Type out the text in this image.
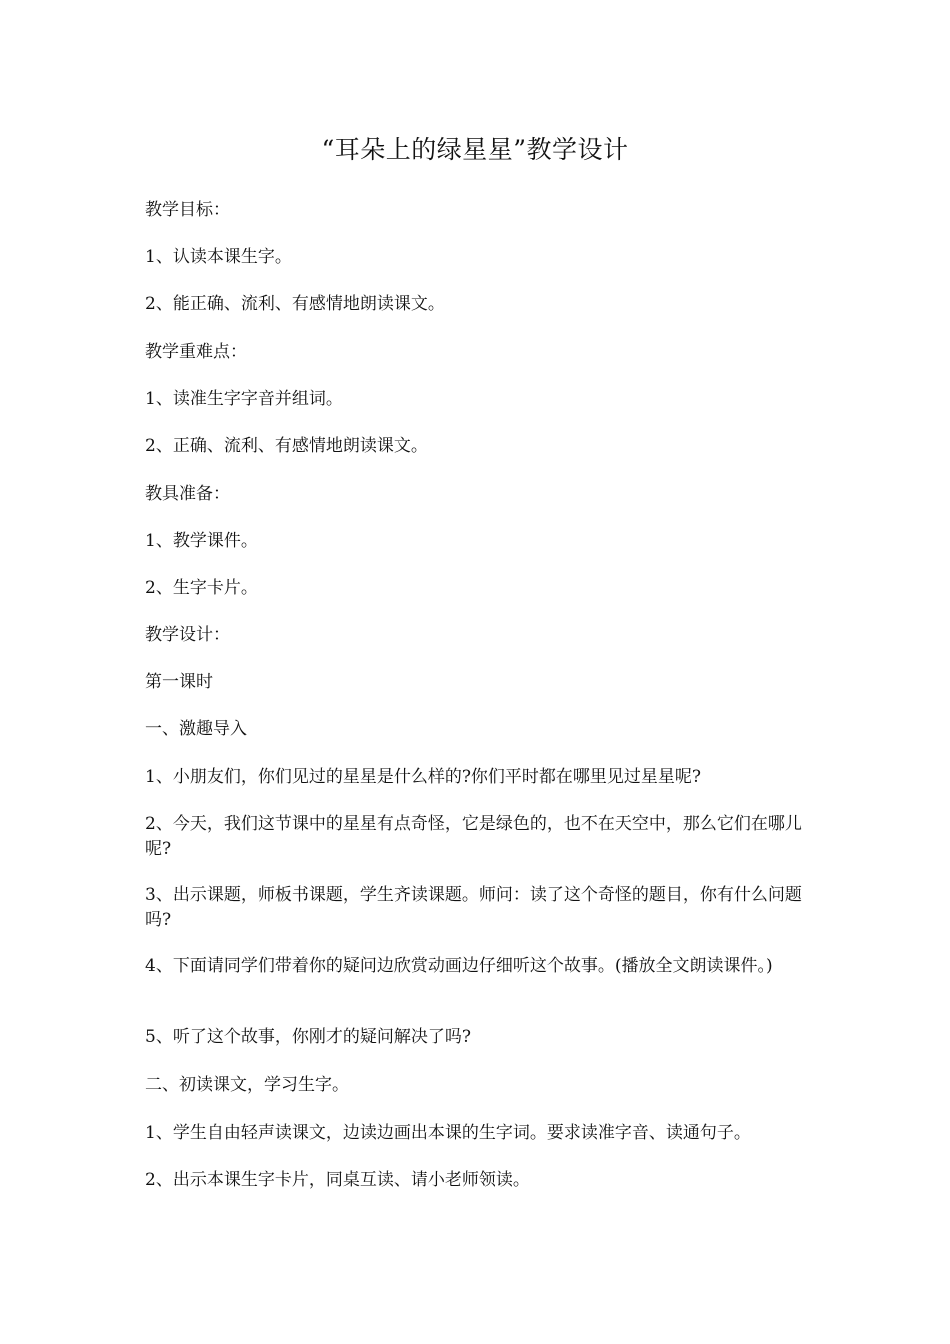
“耳朵上的绿星星”教学设计
教学目标：
1、认读本课生字。
2、能正确、流利、有感情地朗读课文。
教学重难点：
1、读准生字字音并组词。
2、正确、流利、有感情地朗读课文。
教具准备：
1、教学课件。
2、生字卡片。
教学设计：
第一课时
一、激趣导入
1、小朋友们，你们见过的星星是什么样的?你们平时都在哪里见过星星呢?
2、今天，我们这节课中的星星有点奇怪，它是绿色的，也不在天空中，那么它们在哪儿呢?
3、出示课题，师板书课题，学生齐读课题。师问：读了这个奇怪的题目，你有什么问题吗?
4、下面请同学们带着你的疑问边欣赏动画边仔细听这个故事。(播放全文朗读课件。)
5、听了这个故事，你刚才的疑问解决了吗?
二、初读课文，学习生字。
1、学生自由轻声读课文，边读边画出本课的生字词。要求读准字音、读通句子。
2、出示本课生字卡片，同桌互读、请小老师领读。
